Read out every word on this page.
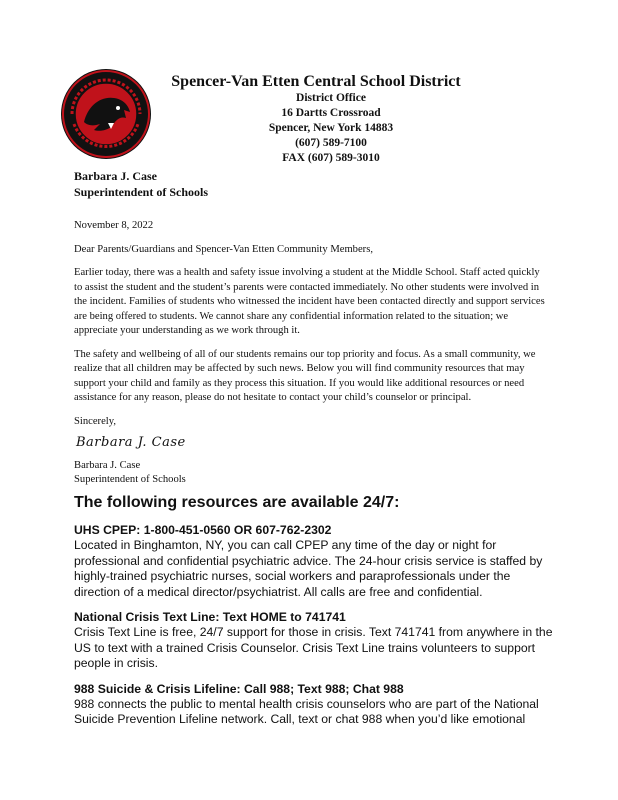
Spencer-Van Etten Central School District
District Office
16 Dartts Crossroad
Spencer, New York 14883
(607) 589-7100
FAX (607) 589-3010
Barbara J. Case
Superintendent of Schools

November 8, 2022

Dear Parents/Guardians and Spencer-Van Etten Community Members,

Earlier today, there was a health and safety issue involving a student at the Middle School. Staff acted quickly to assist the student and the student’s parents were contacted immediately. No other students were involved in the incident. Families of students who witnessed the incident have been contacted directly and support services are being offered to students. We cannot share any confidential information related to the situation; we appreciate your understanding as we work through it.

The safety and wellbeing of all of our students remains our top priority and focus. As a small community, we realize that all children may be affected by such news. Below you will find community resources that may support your child and family as they process this situation. If you would like additional resources or need assistance for any reason, please do not hesitate to contact your child’s counselor or principal.

Sincerely,

Barbara J. Case
Barbara J. Case
Superintendent of Schools
The following resources are available 24/7:
UHS CPEP: 1-800-451-0560 OR 607-762-2302
Located in Binghamton, NY, you can call CPEP any time of the day or night for professional and confidential psychiatric advice. The 24-hour crisis service is staffed by highly-trained psychiatric nurses, social workers and paraprofessionals under the direction of a medical director/psychiatrist. All calls are free and confidential.
National Crisis Text Line: Text HOME to 741741
Crisis Text Line is free, 24/7 support for those in crisis. Text 741741 from anywhere in the US to text with a trained Crisis Counselor. Crisis Text Line trains volunteers to support people in crisis.
988 Suicide & Crisis Lifeline: Call 988; Text 988; Chat 988
988 connects the public to mental health crisis counselors who are part of the National Suicide Prevention Lifeline network. Call, text or chat 988 when you’d like emotional
